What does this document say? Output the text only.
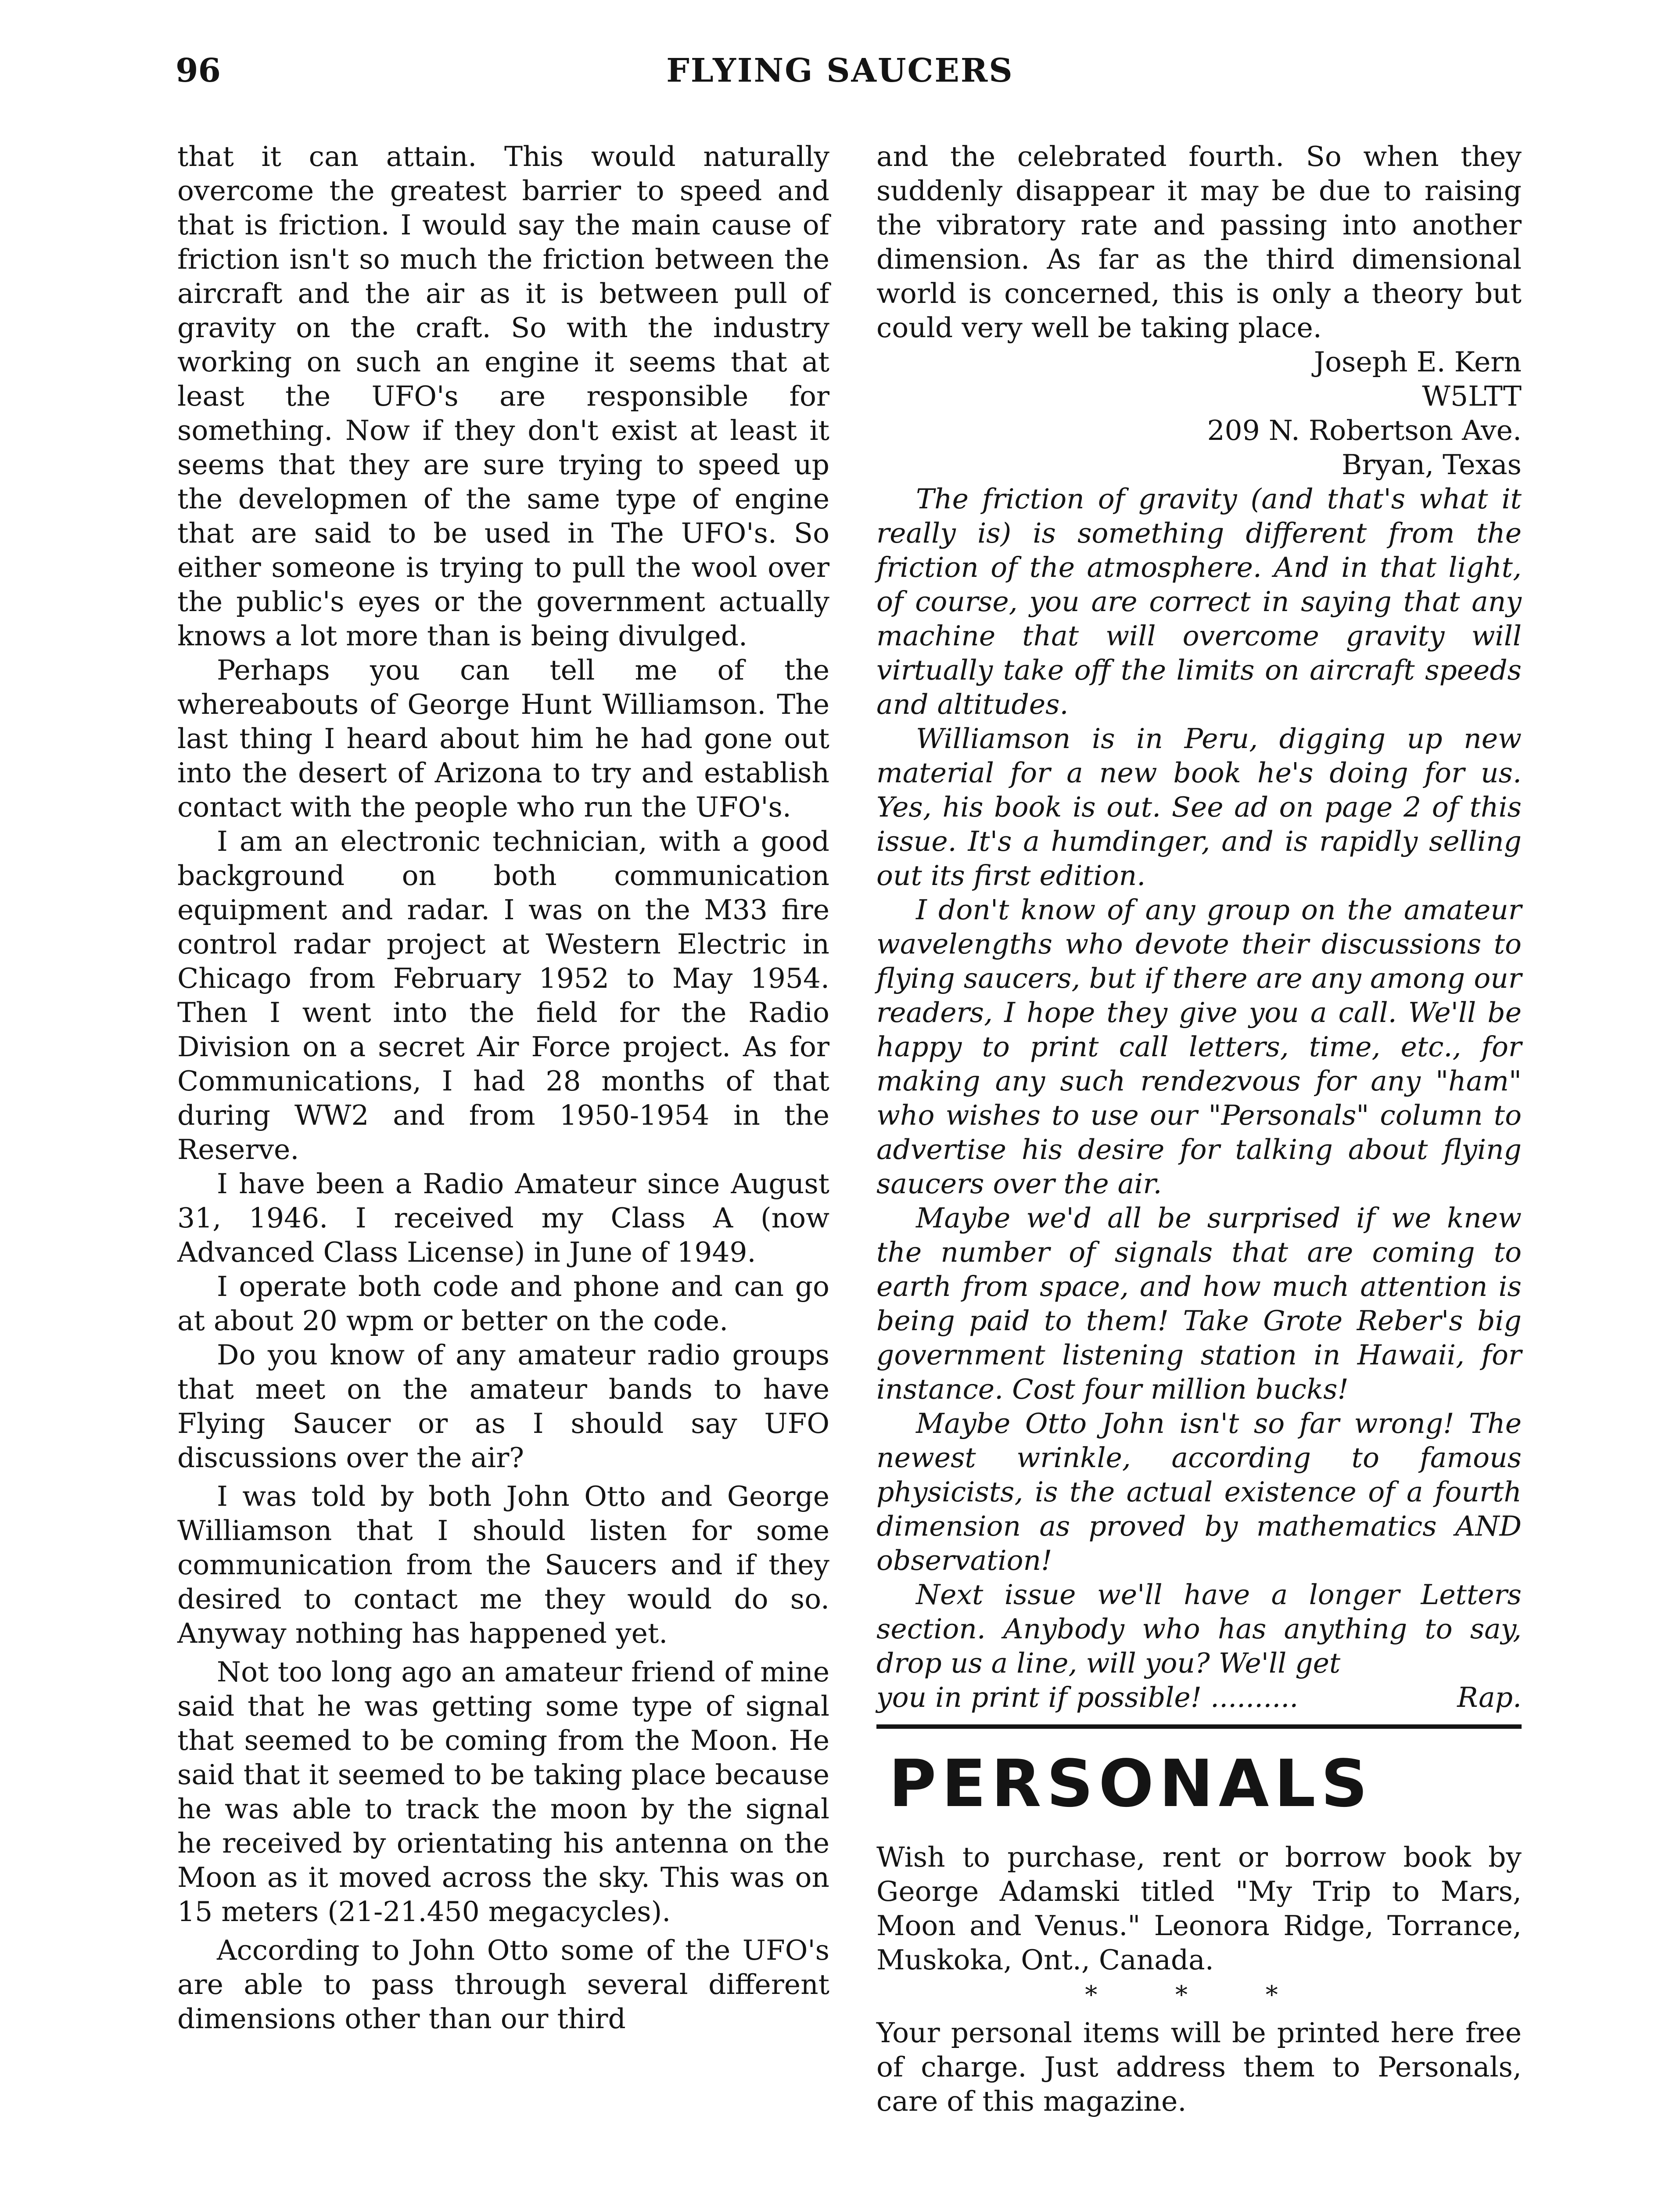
96	FLYING SAUCERS

that it can attain. This would naturally overcome the greatest barrier to speed and that is friction. I would say the main cause of friction isn't so much the friction between the aircraft and the air as it is between pull of gravity on the craft. So with the industry working on such an engine it seems that at least the UFO's are responsible for something. Now if they don't exist at least it seems that they are sure trying to speed up the developmen of the same type of engine that are said to be used in The UFO's. So either someone is trying to pull the wool over the public's eyes or the government actually knows a lot more than is being divulged.

Perhaps you can tell me of the whereabouts of George Hunt Williamson. The last thing I heard about him he had gone out into the desert of Arizona to try and establish contact with the people who run the UFO's.

I am an electronic technician, with a good background on both communication equipment and radar. I was on the M33 fire control radar project at Western Electric in Chicago from February 1952 to May 1954. Then I went into the field for the Radio Division on a secret Air Force project. As for Communications, I had 28 months of that during WW2 and from 1950-1954 in the Reserve.

I have been a Radio Amateur since August 31, 1946. I received my Class A (now Advanced Class License) in June of 1949.

I operate both code and phone and can go at about 20 wpm or better on the code.

Do you know of any amateur radio groups that meet on the amateur bands to have Flying Saucer or as I should say UFO discussions over the air?

I was told by both John Otto and George Williamson that I should listen for some communication from the Saucers and if they desired to contact me they would do so. Anyway nothing has happened yet.

Not too long ago an amateur friend of mine said that he was getting some type of signal that seemed to be coming from the Moon. He said that it seemed to be taking place because he was able to track the moon by the signal he received by orientating his antenna on the Moon as it moved across the sky. This was on 15 meters (21-21.450 megacycles).

According to John Otto some of the UFO's are able to pass through several different dimensions other than our third

and the celebrated fourth. So when they suddenly disappear it may be due to raising the vibratory rate and passing into another dimension. As far as the third dimensional world is concerned, this is only a theory but could very well be taking place.

Joseph E. Kern
W5LTT
209 N. Robertson Ave.
Bryan, Texas

The friction of gravity (and that's what it really is) is something different from the friction of the atmosphere. And in that light, of course, you are correct in saying that any machine that will overcome gravity will virtually take off the limits on aircraft speeds and altitudes.

Williamson is in Peru, digging up new material for a new book he's doing for us. Yes, his book is out. See ad on page 2 of this issue. It's a humdinger, and is rapidly selling out its first edition.

I don't know of any group on the amateur wavelengths who devote their discussions to flying saucers, but if there are any among our readers, I hope they give you a call. We'll be happy to print call letters, time, etc., for making any such rendezvous for any "ham" who wishes to use our "Personals" column to advertise his desire for talking about flying saucers over the air.

Maybe we'd all be surprised if we knew the number of signals that are coming to earth from space, and how much attention is being paid to them! Take Grote Reber's big government listening station in Hawaii, for instance. Cost four million bucks!

Maybe Otto John isn't so far wrong! The newest wrinkle, according to famous physicists, is the actual existence of a fourth dimension as proved by mathematics AND observation!

Next issue we'll have a longer Letters section. Anybody who has anything to say, drop us a line, will you? We'll get

you in print if possible! ..........	Rap.
PERSONALS

Wish to purchase, rent or borrow book by George Adamski titled "My Trip to Mars, Moon and Venus." Leonora Ridge, Torrance, Muskoka, Ont., Canada.

* * *

Your personal items will be printed here free of charge. Just address them to Personals, care of this magazine.
